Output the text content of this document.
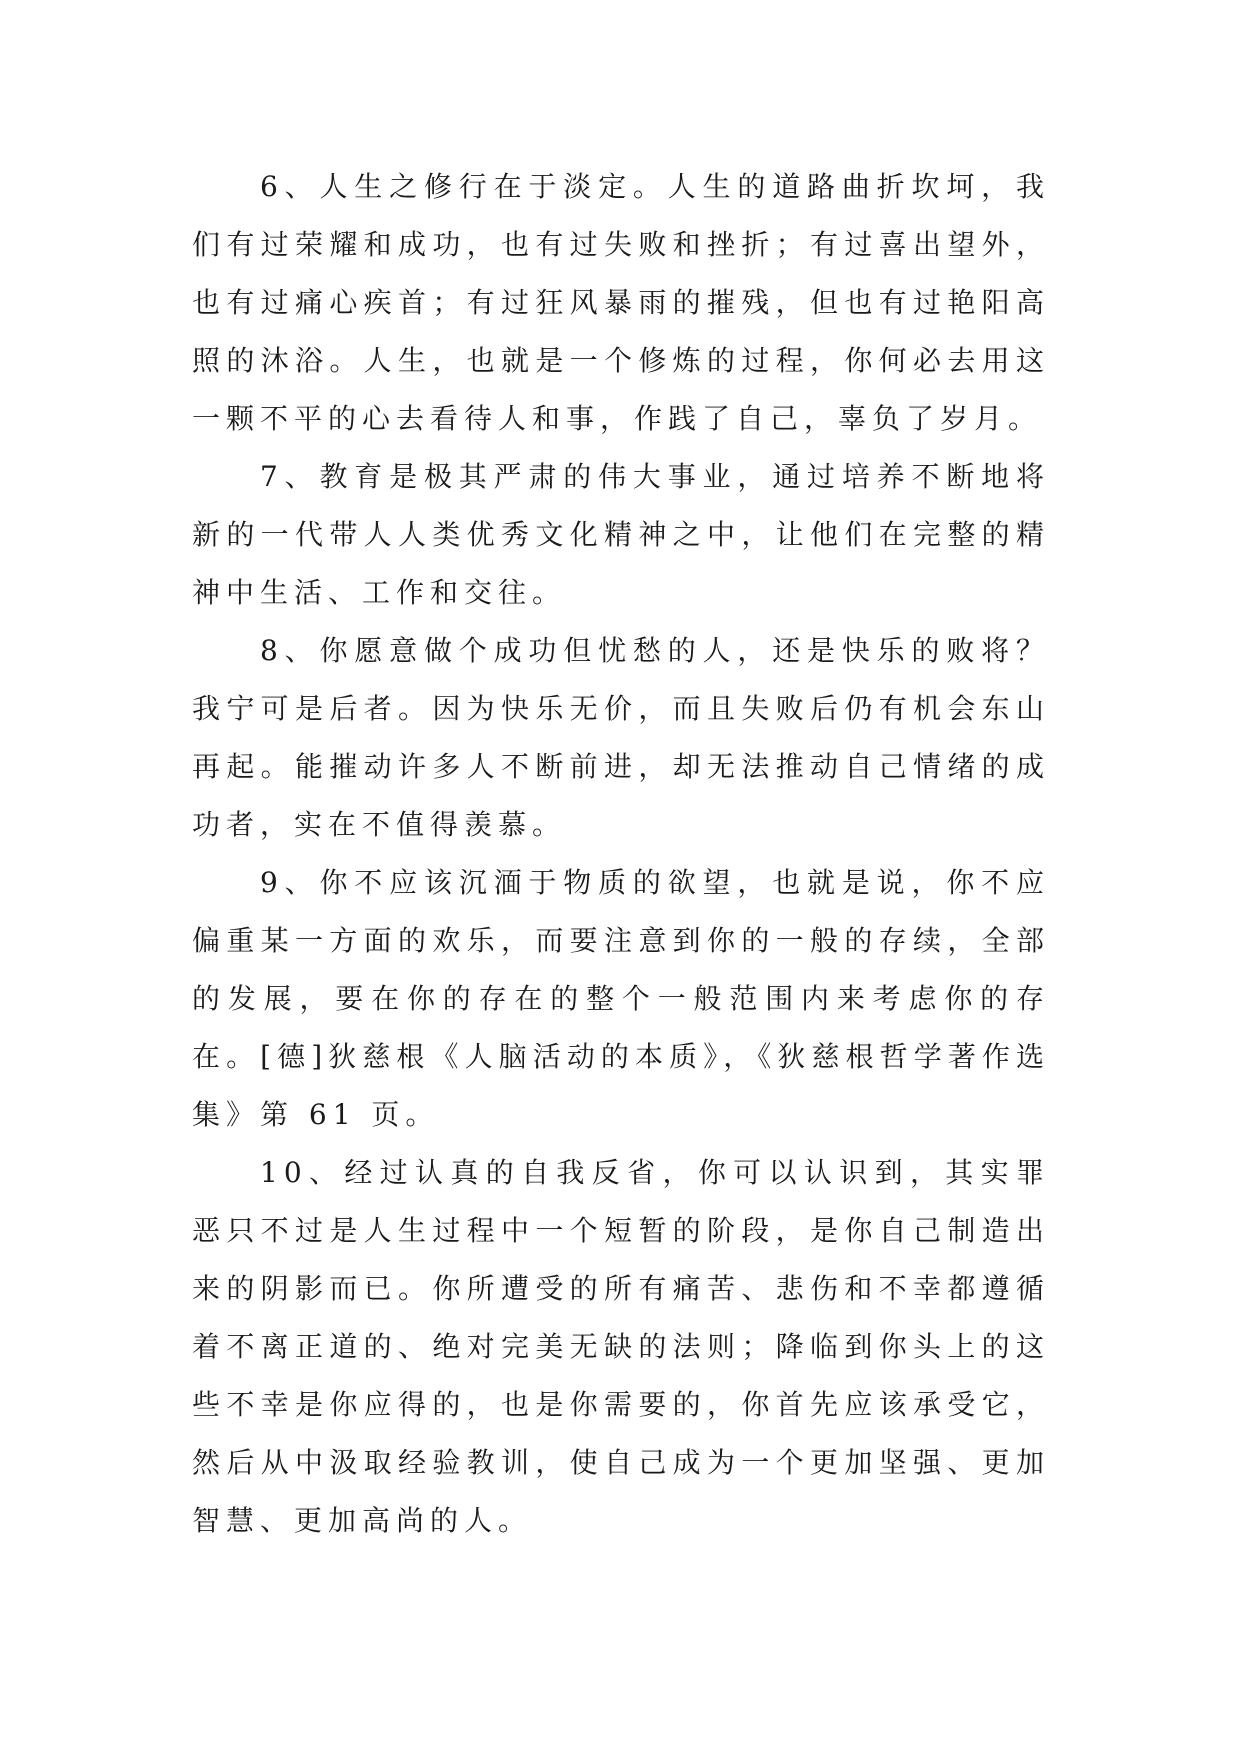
6、人生之修行在于淡定。人生的道路曲折坎坷，我们有过荣耀和成功，也有过失败和挫折；有过喜出望外，也有过痛心疾首；有过狂风暴雨的摧残，但也有过艳阳高照的沐浴。人生，也就是一个修炼的过程，你何必去用这一颗不平的心去看待人和事，作践了自己，辜负了岁月。

7、教育是极其严肃的伟大事业，通过培养不断地将新的一代带人人类优秀文化精神之中，让他们在完整的精神中生活、工作和交往。

8、你愿意做个成功但忧愁的人，还是快乐的败将？我宁可是后者。因为快乐无价，而且失败后仍有机会东山再起。能摧动许多人不断前进，却无法推动自己情绪的成功者，实在不值得羡慕。

9、你不应该沉湎于物质的欲望，也就是说，你不应偏重某一方面的欢乐，而要注意到你的一般的存续，全部的发展，要在你的存在的整个一般范围内来考虑你的存在。[德]狄慈根《人脑活动的本质》，《狄慈根哲学著作选集》第 61 页。

10、经过认真的自我反省，你可以认识到，其实罪恶只不过是人生过程中一个短暂的阶段，是你自己制造出来的阴影而已。你所遭受的所有痛苦、悲伤和不幸都遵循着不离正道的、绝对完美无缺的法则；降临到你头上的这些不幸是你应得的，也是你需要的，你首先应该承受它，然后从中汲取经验教训，使自己成为一个更加坚强、更加智慧、更加高尚的人。
